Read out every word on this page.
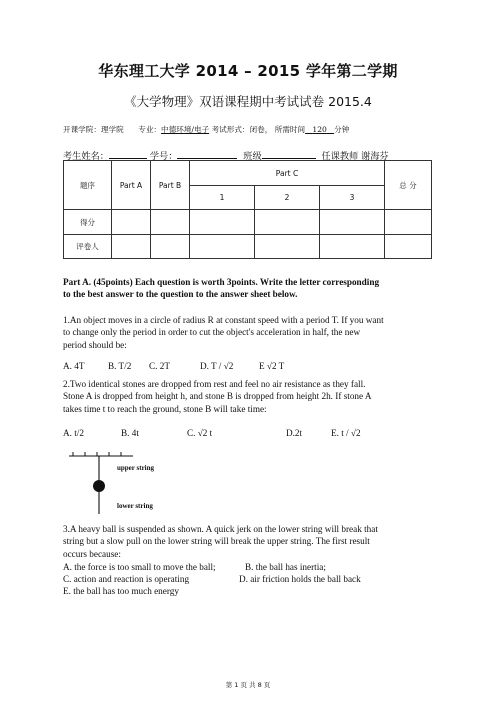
华东理工大学 2014 – 2015 学年第二学期
《大学物理》双语课程期中考试试卷 2015.4
开课学院：理学院 专业：中德环境/电子 考试形式：闭卷， 所需时间 120 分钟
考生姓名：	学号：	班级	任课教师 谢海芬
题序	Part A	Part B	Part C			总 分
			1	2	3	
得分						
评卷人						
Part A. (45points) Each question is worth 3points. Write the letter corresponding
to the best answer to the question to the answer sheet below.
1.An object moves in a circle of radius R at constant speed with a period T. If you want
to change only the period in order to cut the object's acceleration in half, the new
period should be:
A. 4T	B. T/2 C. 2T	D. T / √2	E √2 T
2.Two identical stones are dropped from rest and feel no air resistance as they fall.
Stone A is dropped from height h, and stone B is dropped from height 2h. If stone A
takes time t to reach the ground, stone B will take time:
A. t/2	B. 4t	C. √2 t	D.2t	E. t / √2
upper string
lower string
3.A heavy ball is suspended as shown. A quick jerk on the lower string will break that
string but a slow pull on the lower string will break the upper string. The first result
occurs because:
A. the force is too small to move the ball;	B. the ball has inertia;
C. action and reaction is operating	D. air friction holds the ball back
E. the ball has too much energy
第 1 页 共 8 页
